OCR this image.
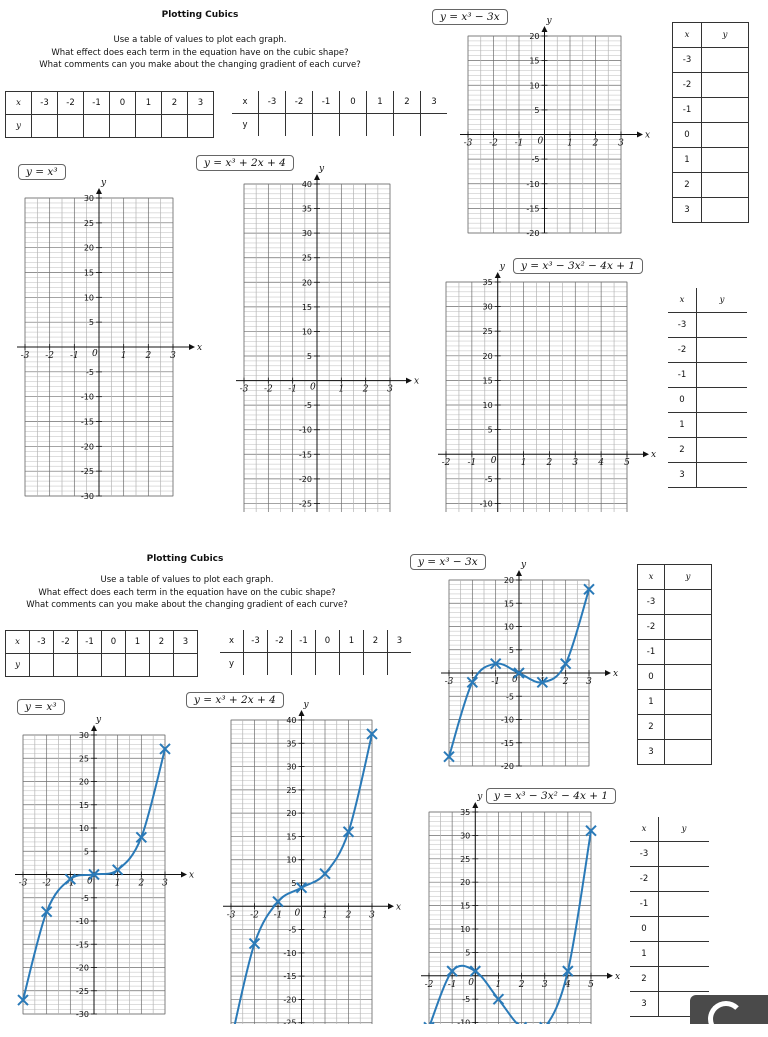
Plotting Cubics
Use a table of values to plot each graph.
What effect does each term in the equation have on the cubic shape?
What comments can you make about the changing gradient of each curve?
x	-3	-2	-1	0	1	2	3
y							
x	-3	-2	-1	0	1	2	3
y							
x	y
-3	
-2	
-1	
0	
1	
2	
3	
x	y
-3	
-2	
-1	
0	
1	
2	
3	
y = x³
y = x³ + 2x + 4
y = x³ − 3x
y = x³ − 3x² − 4x + 1
x
y
0
30
25
20
15
10
5
-5
-10
-15
-20
-25
-30
-3 -2 -1	1 2 3
x
y
0
40
35
30
25
20
15
10
5
-5
-10
-15
-20
-25
-3 -2 -1	1 2 3
x
y
0
20
15
10
5
-5
-10
-15
-20
-3 -2 -1	1 2 3
x
y
0
35
30
25
20
15
10
5
-5
-10
-2 -1	1 2 3 4 5
Plotting Cubics
Use a table of values to plot each graph.
What effect does each term in the equation have on the cubic shape?
What comments can you make about the changing gradient of each curve?
x	-3	-2	-1	0	1	2	3
y							
x	-3	-2	-1	0	1	2	3
y							
x	y
-3	
-2	
-1	
0	
1	
2	
3	
x	y
-3	
-2	
-1	
0	
1	
2	
3	
y = x³
y = x³ + 2x + 4
y = x³ − 3x
y = x³ − 3x² − 4x + 1
x
y
0
30
25
20
15
10
5
-5
-10
-15
-20
-25
-30
-3 -2 -1	1 2 3
x
y
0
40
35
30
25
20
15
10
5
-5
-10
-15
-20
-25
-3 -2 -1	1 2 3
x
y
0
20
15
10
5
-5
-10
-15
-20
-3 -2 -1	1 2 3
x
y
0
35
30
25
20
15
10
5
-5
-10
-2 -1	1 2 3 4 5
